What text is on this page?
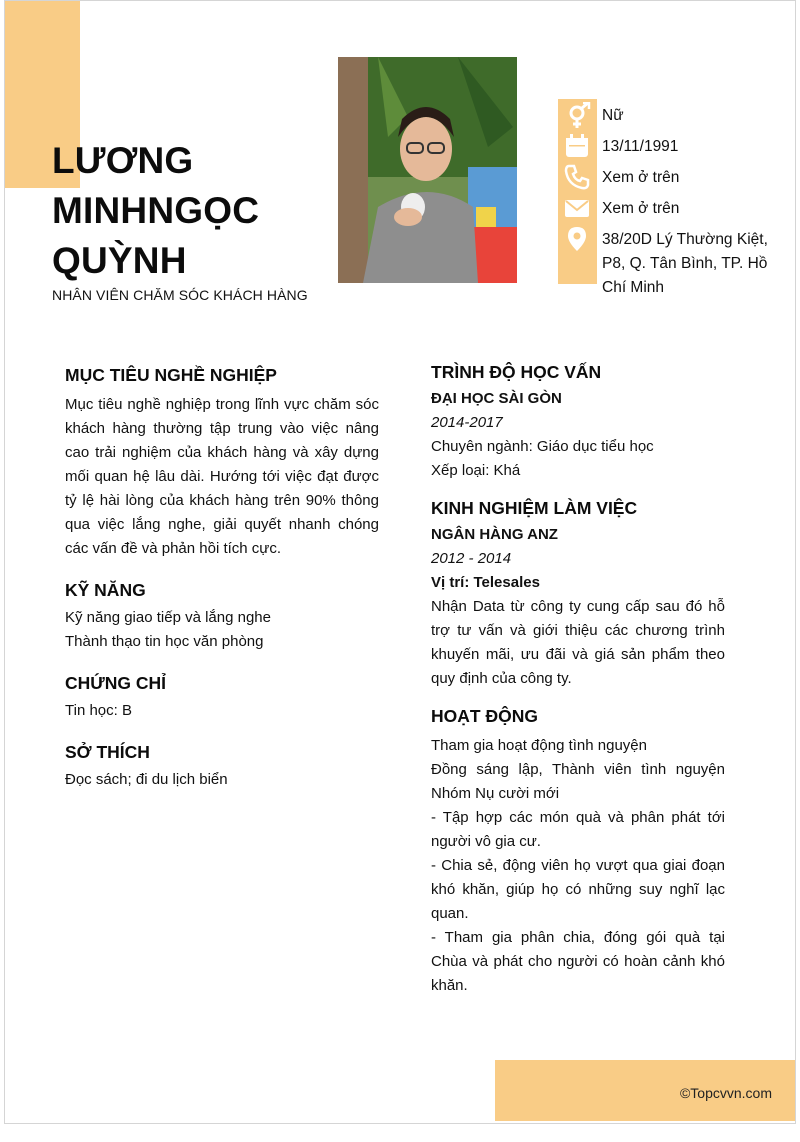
LƯƠNG MINHNGỌC QUỲNH
NHÂN VIÊN CHĂM SÓC KHÁCH HÀNG
Nữ
13/11/1991
Xem ở trên
Xem ở trên
38/20D Lý Thường Kiệt, P8, Q. Tân Bình, TP. Hồ Chí Minh
MỤC TIÊU NGHỀ NGHIỆP

Mục tiêu nghề nghiệp trong lĩnh vực chăm sóc khách hàng thường tập trung vào việc nâng cao trải nghiệm của khách hàng và xây dựng mối quan hệ lâu dài. Hướng tới việc đạt được tỷ lệ hài lòng của khách hàng trên 90% thông qua việc lắng nghe, giải quyết nhanh chóng các vấn đề và phản hồi tích cực.

KỸ NĂNG

Kỹ năng giao tiếp và lắng nghe

Thành thạo tin học văn phòng

CHỨNG CHỈ

Tin học: B

SỞ THÍCH

Đọc sách; đi du lịch biển

TRÌNH ĐỘ HỌC VẤN

ĐẠI HỌC SÀI GÒN

2014-2017

Chuyên ngành: Giáo dục tiểu học

Xếp loại: Khá

KINH NGHIỆM LÀM VIỆC

NGÂN HÀNG ANZ

2012 - 2014

Vị trí: Telesales

Nhận Data từ công ty cung cấp sau đó hỗ trợ tư vấn và giới thiệu các chương trình khuyến mãi, ưu đãi và giá sản phẩm theo quy định của công ty.

HOẠT ĐỘNG

Tham gia hoạt động tình nguyện

Đồng sáng lập, Thành viên tình nguyện Nhóm Nụ cười mới

- Tập hợp các món quà và phân phát tới người vô gia cư.

- Chia sẻ, động viên họ vượt qua giai đoạn khó khăn, giúp họ có những suy nghĩ lạc quan.

- Tham gia phân chia, đóng gói quà tại Chùa và phát cho người có hoàn cảnh khó khăn.

©Topcvvn.com
